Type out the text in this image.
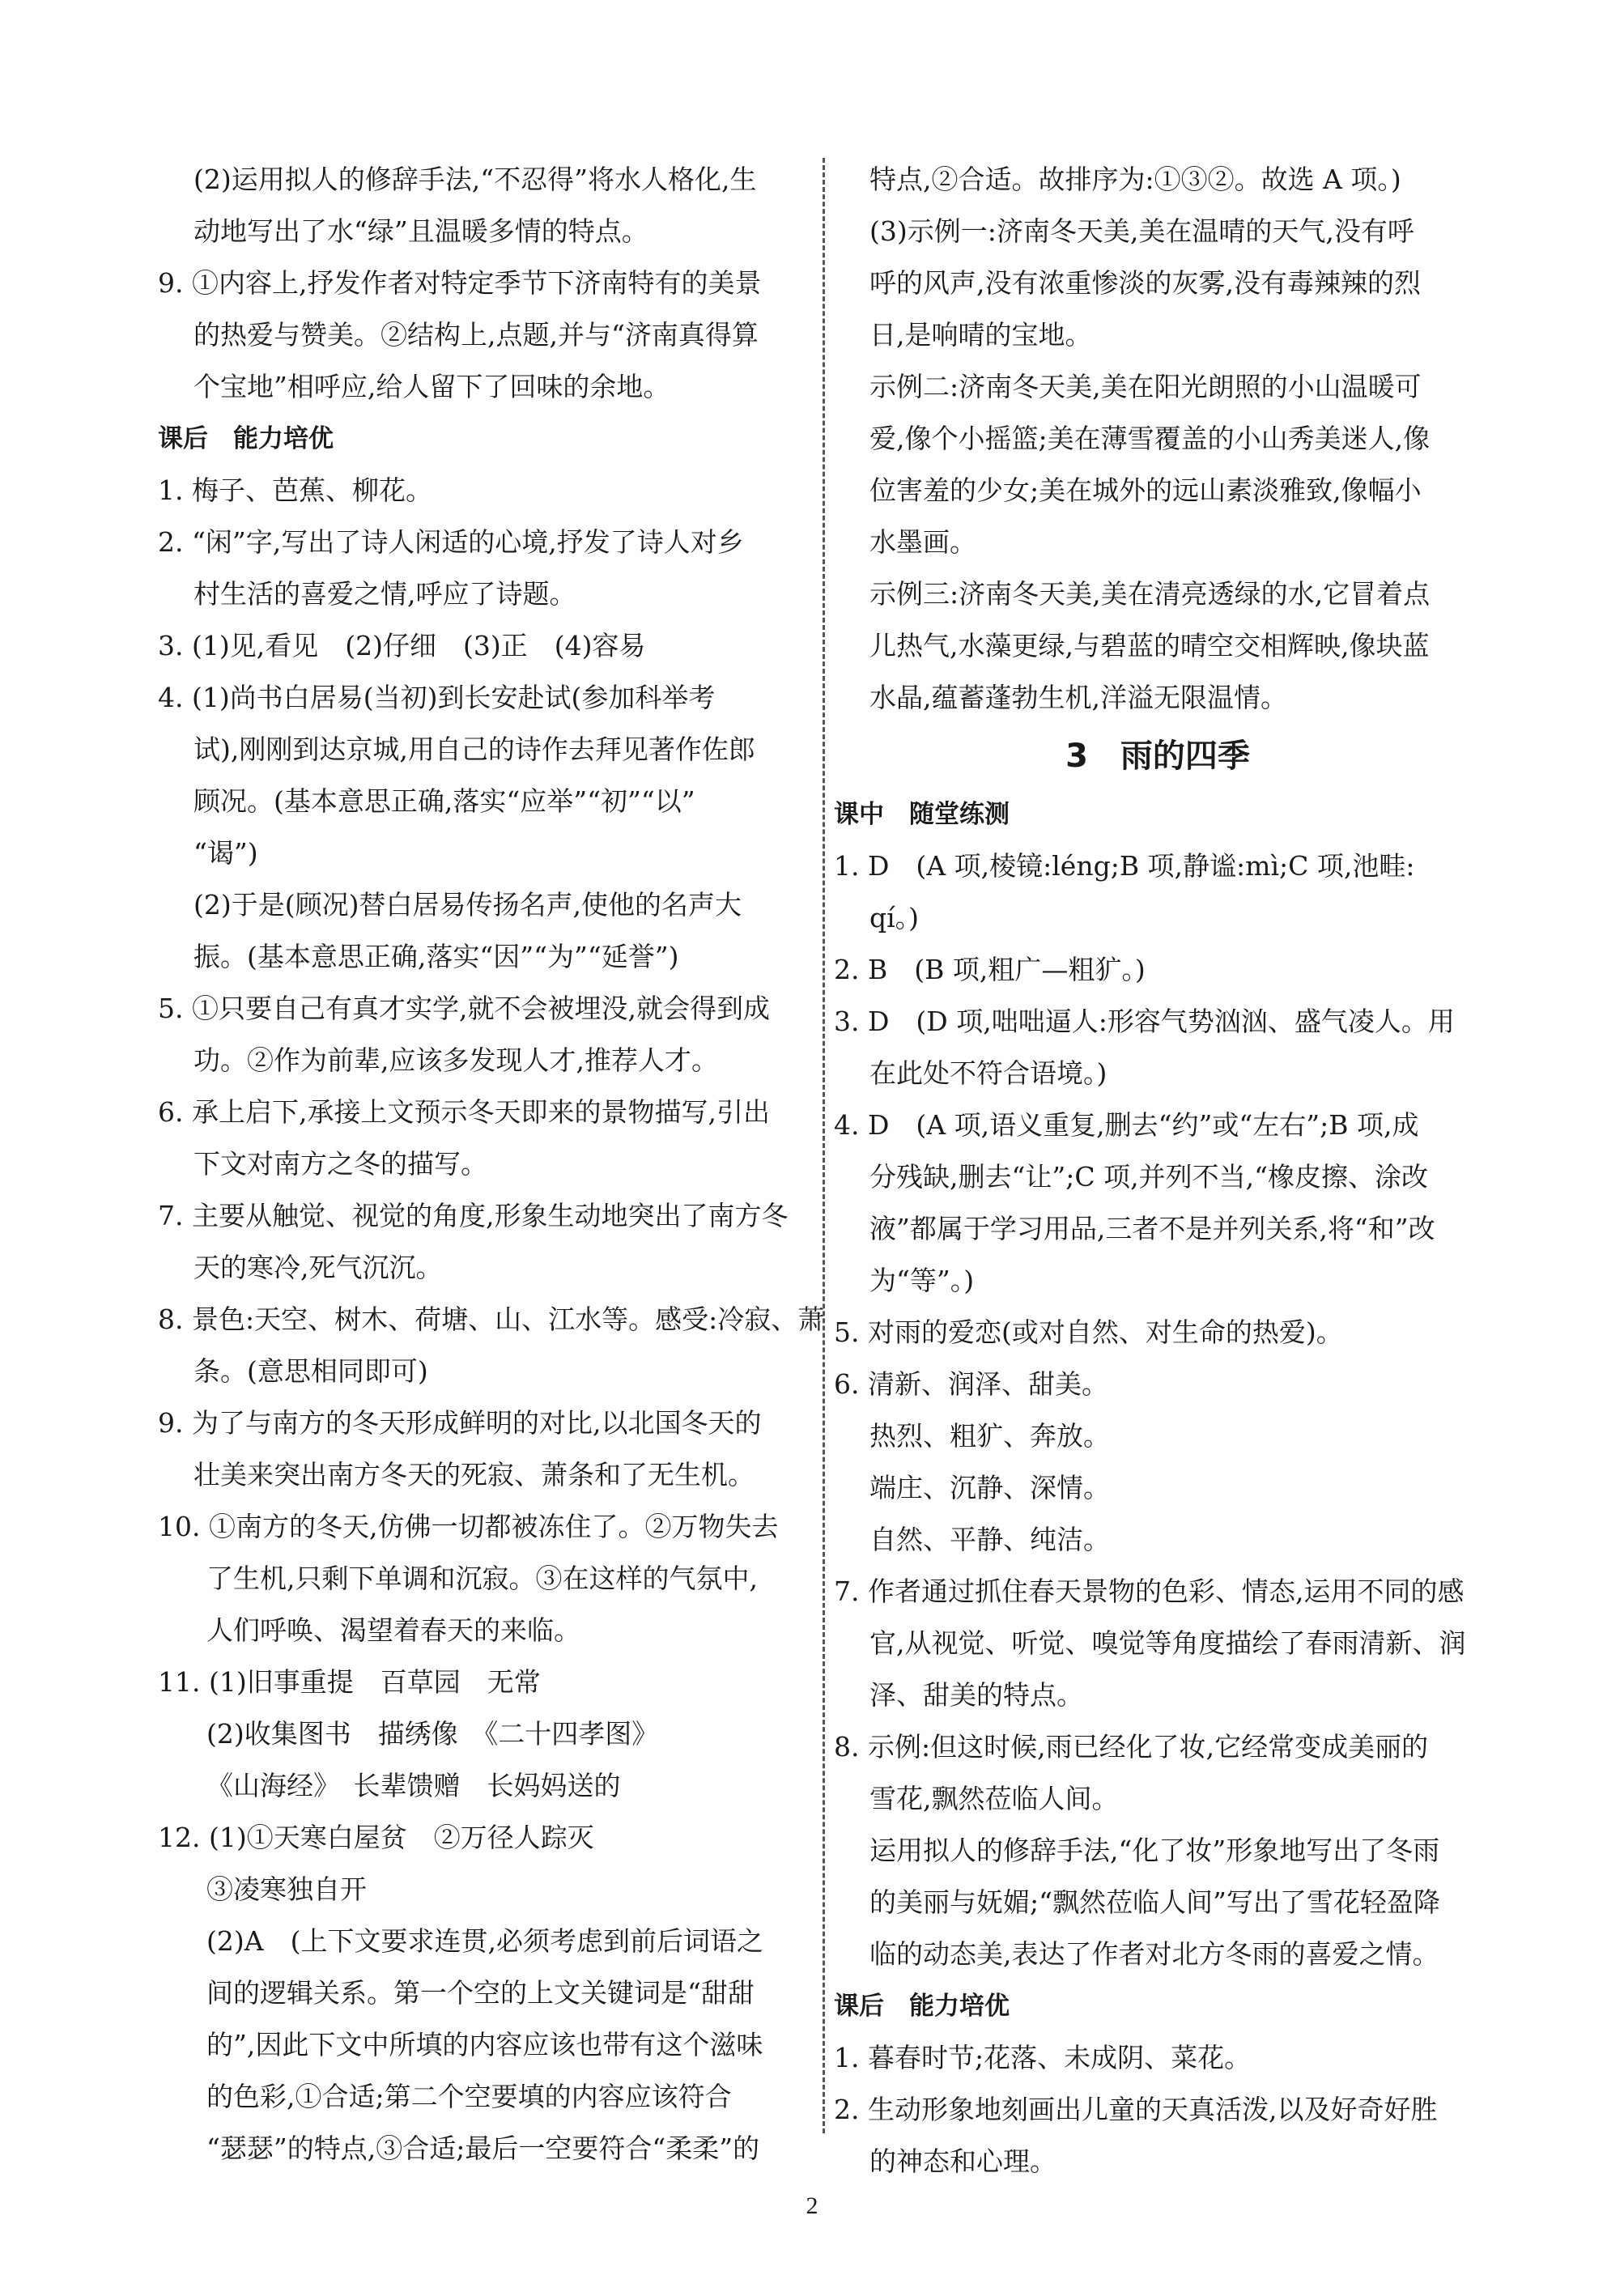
(2)运用拟人的修辞手法,“不忍得”将水人格化,生
动地写出了水“绿”且温暖多情的特点。
9. ①内容上,抒发作者对特定季节下济南特有的美景
的热爱与赞美。②结构上,点题,并与“济南真得算
个宝地”相呼应,给人留下了回味的余地。
课后　能力培优
1. 梅子、芭蕉、柳花。
2. “闲”字,写出了诗人闲适的心境,抒发了诗人对乡
村生活的喜爱之情,呼应了诗题。
3. (1)见,看见　(2)仔细　(3)正　(4)容易
4. (1)尚书白居易(当初)到长安赴试(参加科举考
试),刚刚到达京城,用自己的诗作去拜见著作佐郎
顾况。(基本意思正确,落实“应举”“初”“以”
“谒”)
(2)于是(顾况)替白居易传扬名声,使他的名声大
振。(基本意思正确,落实“因”“为”“延誉”)
5. ①只要自己有真才实学,就不会被埋没,就会得到成
功。②作为前辈,应该多发现人才,推荐人才。
6. 承上启下,承接上文预示冬天即来的景物描写,引出
下文对南方之冬的描写。
7. 主要从触觉、视觉的角度,形象生动地突出了南方冬
天的寒冷,死气沉沉。
8. 景色:天空、树木、荷塘、山、江水等。感受:冷寂、萧
条。(意思相同即可)
9. 为了与南方的冬天形成鲜明的对比,以北国冬天的
壮美来突出南方冬天的死寂、萧条和了无生机。
10. ①南方的冬天,仿佛一切都被冻住了。②万物失去
了生机,只剩下单调和沉寂。③在这样的气氛中,
人们呼唤、渴望着春天的来临。
11. (1)旧事重提　百草园　无常
(2)收集图书　描绣像　《二十四孝图》
《山海经》　长辈馈赠　长妈妈送的
12. (1)①天寒白屋贫　②万径人踪灭
③凌寒独自开
(2)A　(上下文要求连贯,必须考虑到前后词语之
间的逻辑关系。第一个空的上文关键词是“甜甜
的”,因此下文中所填的内容应该也带有这个滋味
的色彩,①合适;第二个空要填的内容应该符合
“瑟瑟”的特点,③合适;最后一空要符合“柔柔”的
特点,②合适。故排序为:①③②。故选 A 项。)
(3)示例一:济南冬天美,美在温晴的天气,没有呼
呼的风声,没有浓重惨淡的灰雾,没有毒辣辣的烈
日,是响晴的宝地。
示例二:济南冬天美,美在阳光朗照的小山温暖可
爱,像个小摇篮;美在薄雪覆盖的小山秀美迷人,像
位害羞的少女;美在城外的远山素淡雅致,像幅小
水墨画。
示例三:济南冬天美,美在清亮透绿的水,它冒着点
儿热气,水藻更绿,与碧蓝的晴空交相辉映,像块蓝
水晶,蕴蓄蓬勃生机,洋溢无限温情。
3　雨的四季
课中　随堂练测
1. D　(A 项,棱镜:léng;B 项,静谧:mì;C 项,池畦:
qí。)
2. B　(B 项,粗广—粗犷。)
3. D　(D 项,咄咄逼人:形容气势汹汹、盛气凌人。用
在此处不符合语境。)
4. D　(A 项,语义重复,删去“约”或“左右”;B 项,成
分残缺,删去“让”;C 项,并列不当,“橡皮擦、涂改
液”都属于学习用品,三者不是并列关系,将“和”改
为“等”。)
5. 对雨的爱恋(或对自然、对生命的热爱)。
6. 清新、润泽、甜美。
热烈、粗犷、奔放。
端庄、沉静、深情。
自然、平静、纯洁。
7. 作者通过抓住春天景物的色彩、情态,运用不同的感
官,从视觉、听觉、嗅觉等角度描绘了春雨清新、润
泽、甜美的特点。
8. 示例:但这时候,雨已经化了妆,它经常变成美丽的
雪花,飘然莅临人间。
运用拟人的修辞手法,“化了妆”形象地写出了冬雨
的美丽与妩媚;“飘然莅临人间”写出了雪花轻盈降
临的动态美,表达了作者对北方冬雨的喜爱之情。
课后　能力培优
1. 暮春时节;花落、未成阴、菜花。
2. 生动形象地刻画出儿童的天真活泼,以及好奇好胜
的神态和心理。
2
